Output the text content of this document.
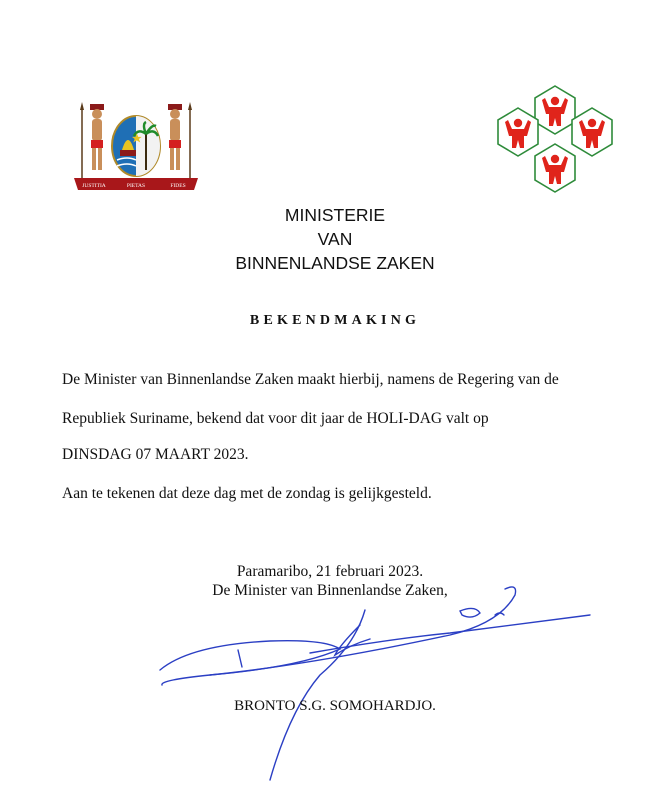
JUSTITIA	PIETAS	FIDES
MINISTERIE
VAN
BINNENLANDSE ZAKEN
BEKENDMAKING
De Minister van Binnenlandse Zaken maakt hierbij, namens de Regering van de
Republiek Suriname, bekend dat voor dit jaar de HOLI-DAG valt op
DINSDAG 07 MAART 2023.
Aan te tekenen dat deze dag met de zondag is gelijkgesteld.
Paramaribo, 21 februari 2023.
De Minister van Binnenlandse Zaken,
BRONTO S.G. SOMOHARDJO.
